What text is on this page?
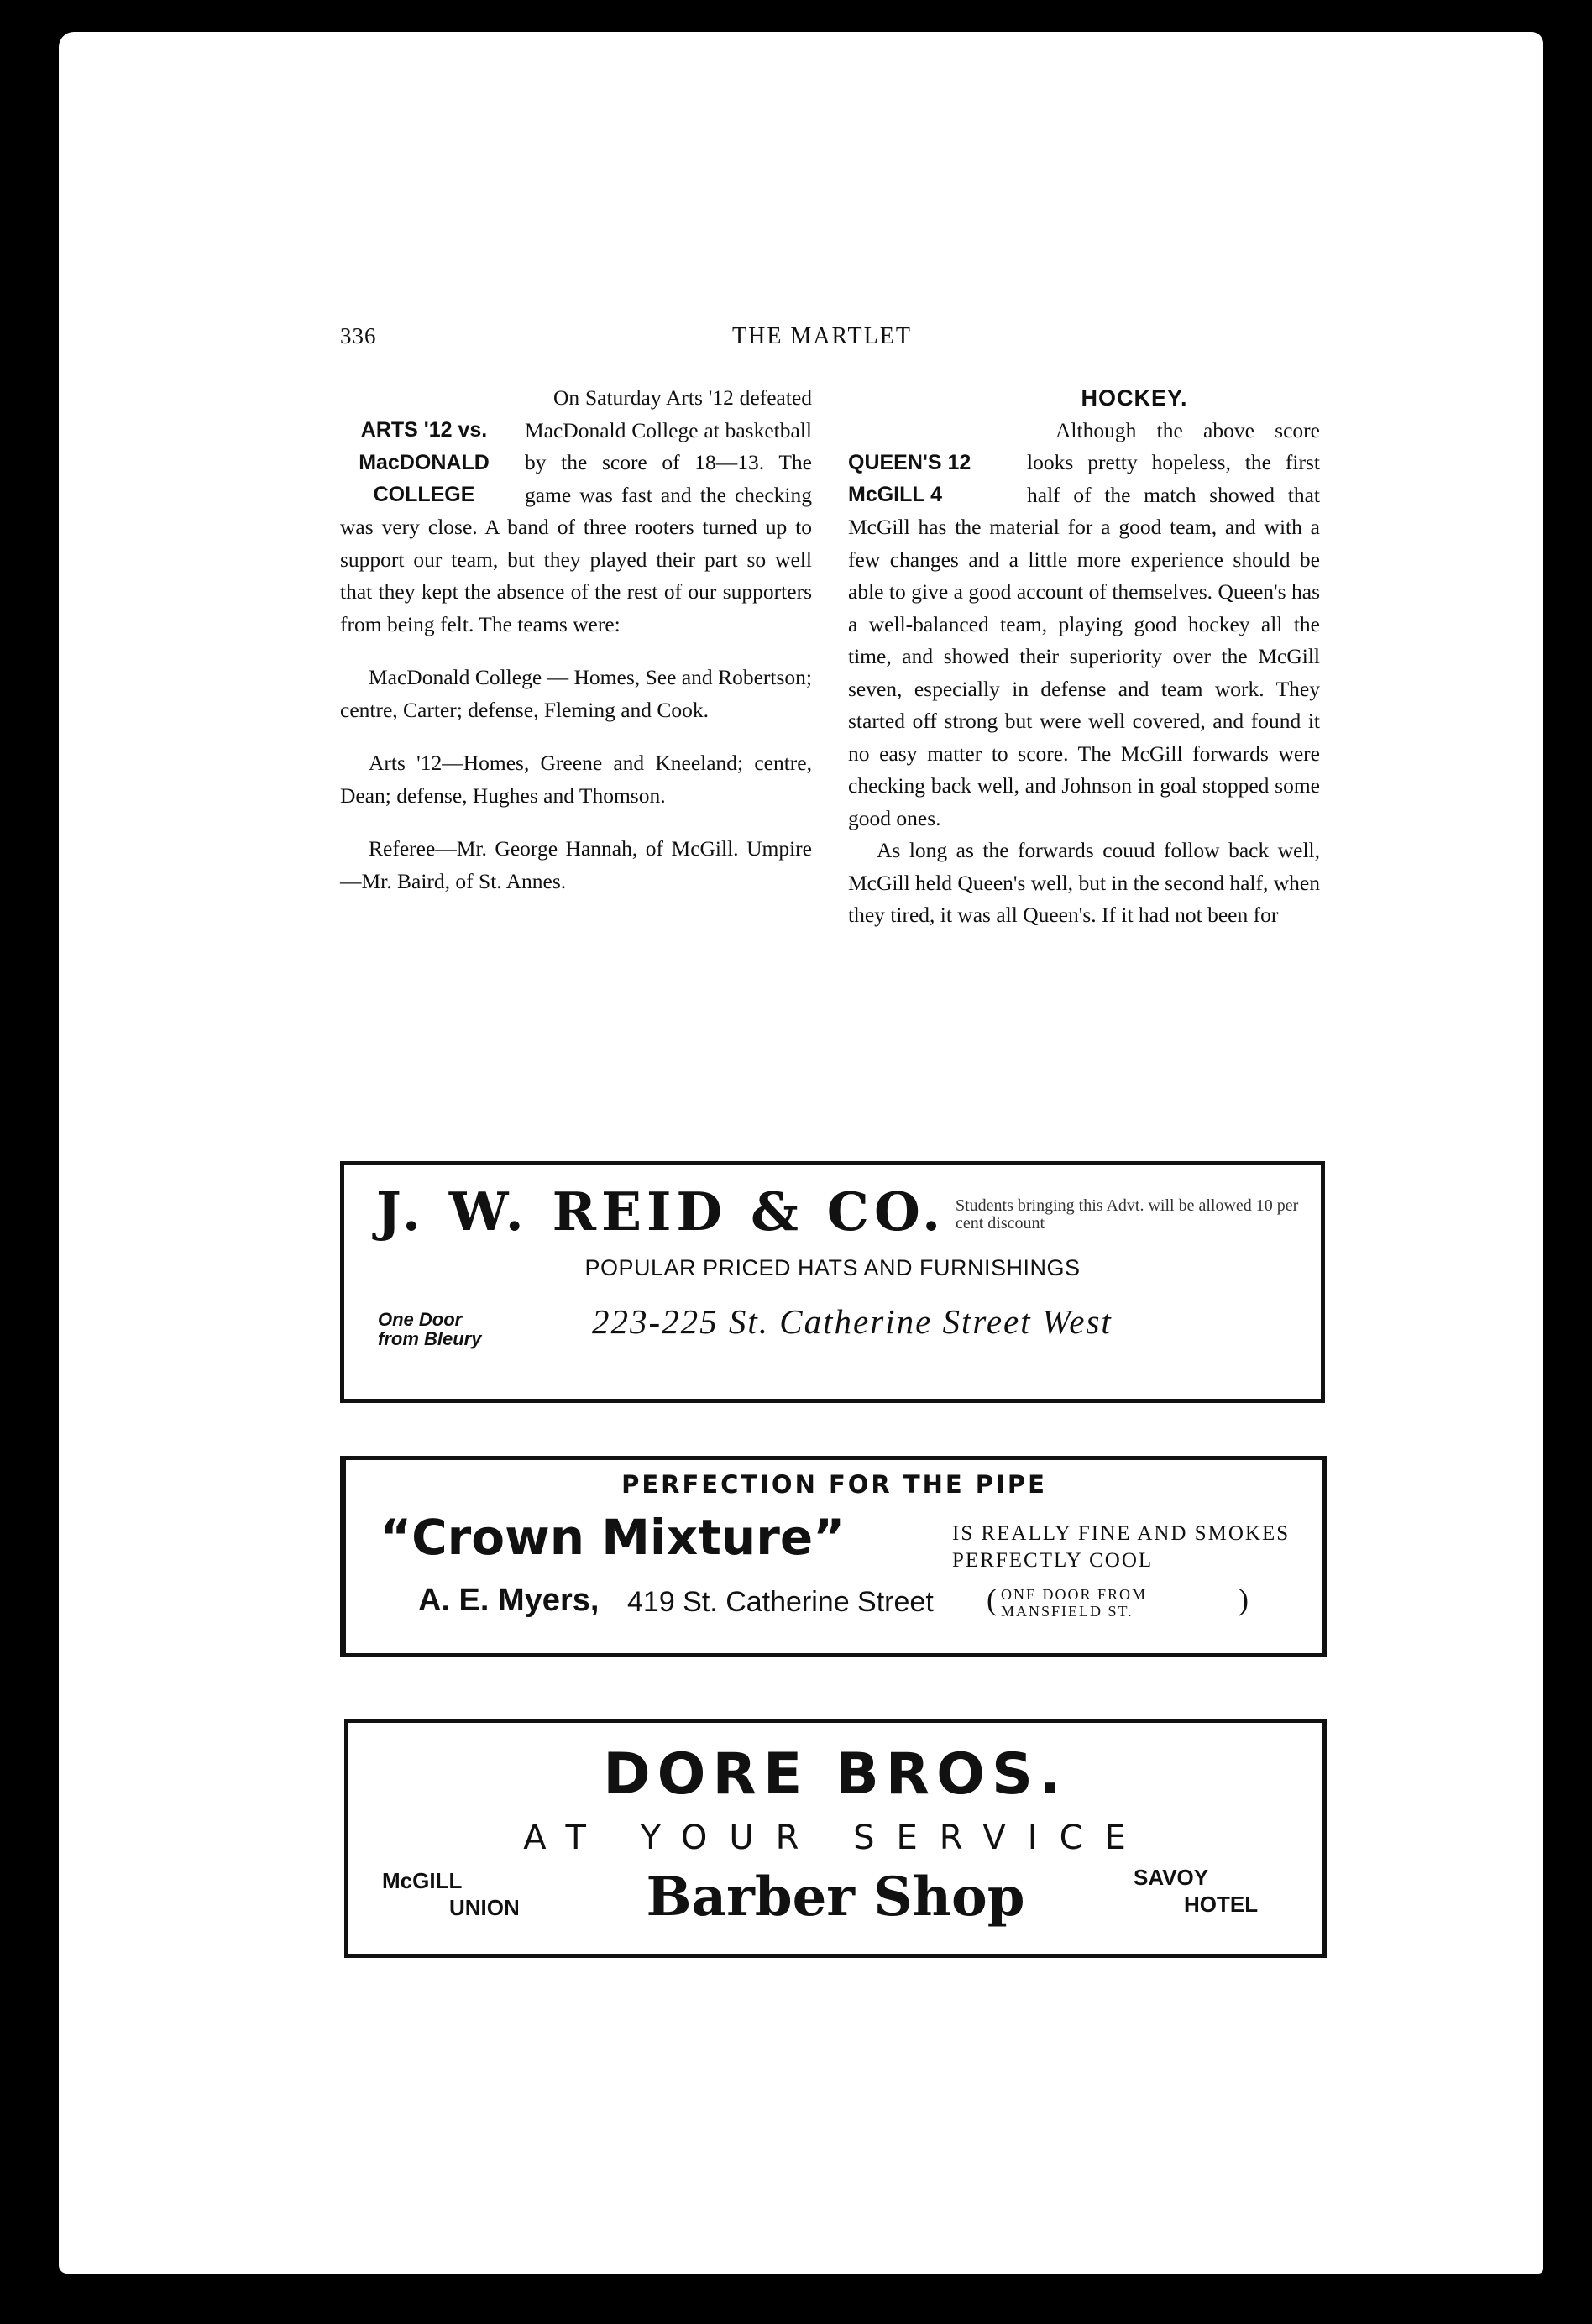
336	THE MARTLET
ARTS '12 vs.
MacDONALD
COLLEGE

On Saturday Arts '12 defeated MacDonald College at basketball by the score of 18—13. The game was fast and the checking was very close. A band of three rooters turned up to support our team, but they played their part so well that they kept the absence of the rest of our supporters from being felt. The teams were:

MacDonald College — Homes, See and Robertson; centre, Carter; defense, Fleming and Cook.

Arts '12—Homes, Greene and Kneeland; centre, Dean; defense, Hughes and Thomson.

Referee—Mr. George Hannah, of McGill. Umpire—Mr. Baird, of St. Annes.

HOCKEY.
QUEEN'S 12
McGILL 4

Although the above score looks pretty hopeless, the first half of the match showed that McGill has the material for a good team, and with a few changes and a little more experience should be able to give a good account of themselves. Queen's has a well-balanced team, playing good hockey all the time, and showed their superiority over the McGill seven, especially in defense and team work. They started off strong but were well covered, and found it no easy matter to score. The McGill forwards were checking back well, and Johnson in goal stopped some good ones.

As long as the forwards couud follow back well, McGill held Queen's well, but in the second half, when they tired, it was all Queen's. If it had not been for

J. W. REID & CO. Students bringing this Advt. will be allowed 10 per cent discount
POPULAR PRICED HATS AND FURNISHINGS
One Door
from Bleury	223-225 St. Catherine Street West
PERFECTION FOR THE PIPE
“Crown Mixture”	IS REALLY FINE AND SMOKES
PERFECTLY COOL
A. E. Myers, 419 St. Catherine Street ( ONE DOOR FROM
MANSFIELD ST.	)
DORE BROS.
AT YOUR SERVICE
McGILL
UNION	Barber Shop	SAVOY
HOTEL
